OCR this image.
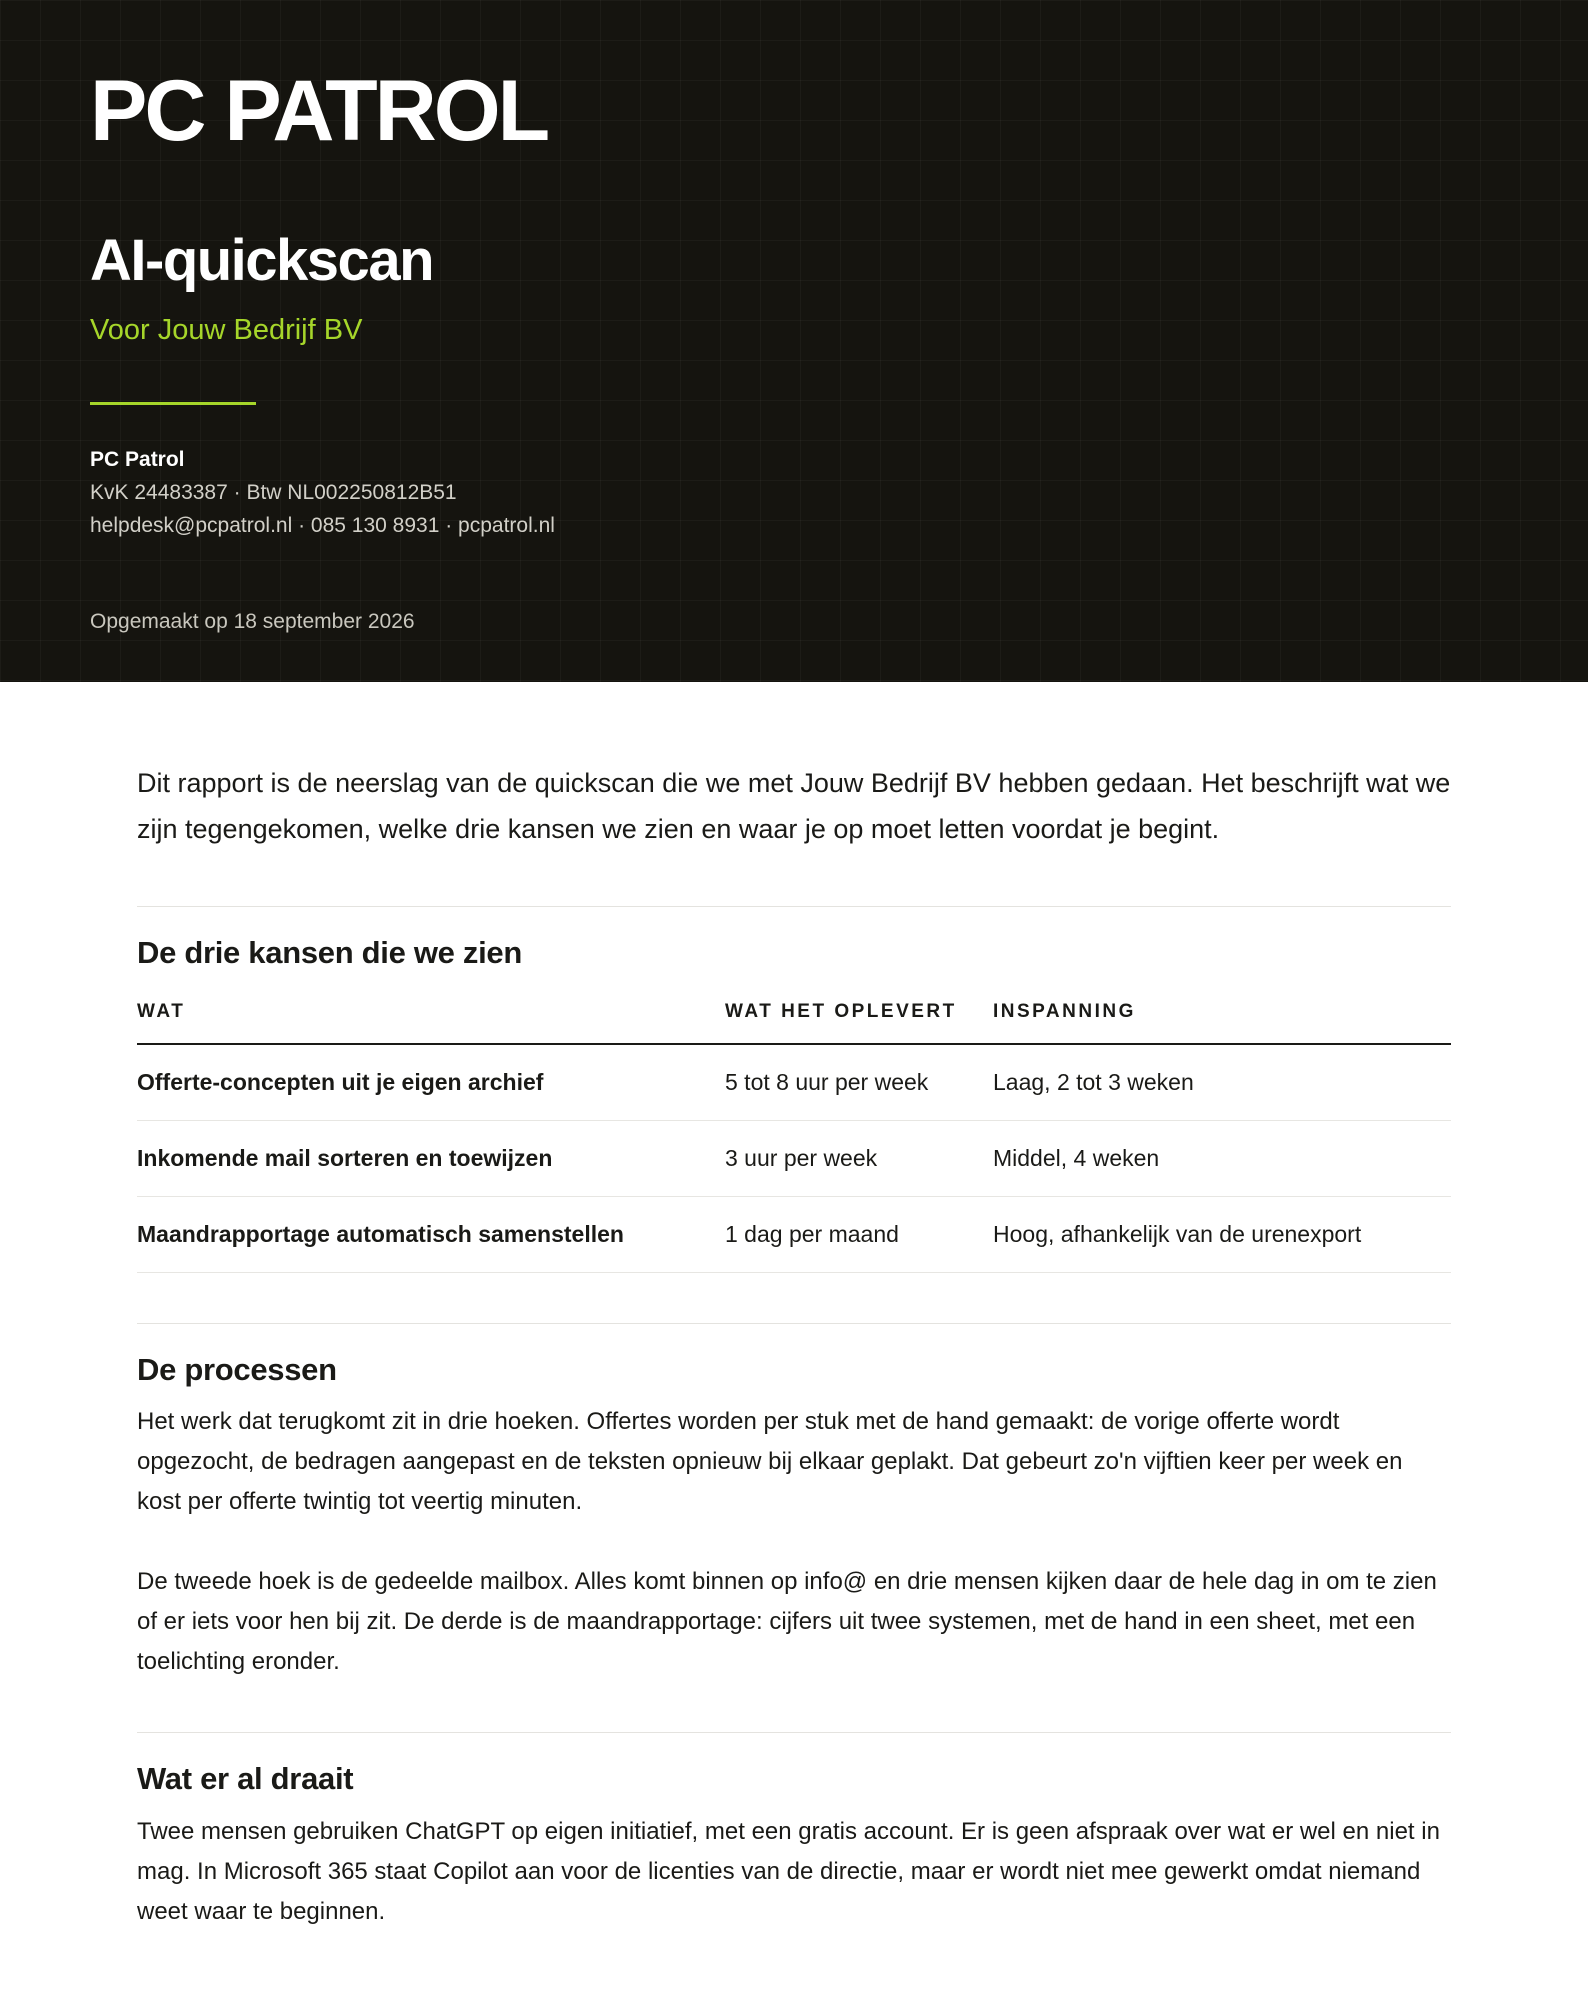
PC PATROL
AI-quickscan
Voor Jouw Bedrijf BV
PC Patrol
KvK 24483387 · Btw NL002250812B51
helpdesk@pcpatrol.nl · 085 130 8931 · pcpatrol.nl
Opgemaakt op 18 september 2026

Dit rapport is de neerslag van de quickscan die we met Jouw Bedrijf BV hebben gedaan. Het beschrijft wat we zijn tegengekomen, welke drie kansen we zien en waar je op moet letten voordat je begint.

De drie kansen die we zien
WAT	WAT HET OPLEVERT	INSPANNING
Offerte-concepten uit je eigen archief	5 tot 8 uur per week	Laag, 2 tot 3 weken
Inkomende mail sorteren en toewijzen	3 uur per week	Middel, 4 weken
Maandrapportage automatisch samenstellen	1 dag per maand	Hoog, afhankelijk van de urenexport
De processen

Het werk dat terugkomt zit in drie hoeken. Offertes worden per stuk met de hand gemaakt: de vorige offerte wordt opgezocht, de bedragen aangepast en de teksten opnieuw bij elkaar geplakt. Dat gebeurt zo'n vijftien keer per week en kost per offerte twintig tot veertig minuten.

De tweede hoek is de gedeelde mailbox. Alles komt binnen op info@ en drie mensen kijken daar de hele dag in om te zien of er iets voor hen bij zit. De derde is de maandrapportage: cijfers uit twee systemen, met de hand in een sheet, met een toelichting eronder.

Wat er al draait

Twee mensen gebruiken ChatGPT op eigen initiatief, met een gratis account. Er is geen afspraak over wat er wel en niet in mag. In Microsoft 365 staat Copilot aan voor de licenties van de directie, maar er wordt niet mee gewerkt omdat niemand weet waar te beginnen.
